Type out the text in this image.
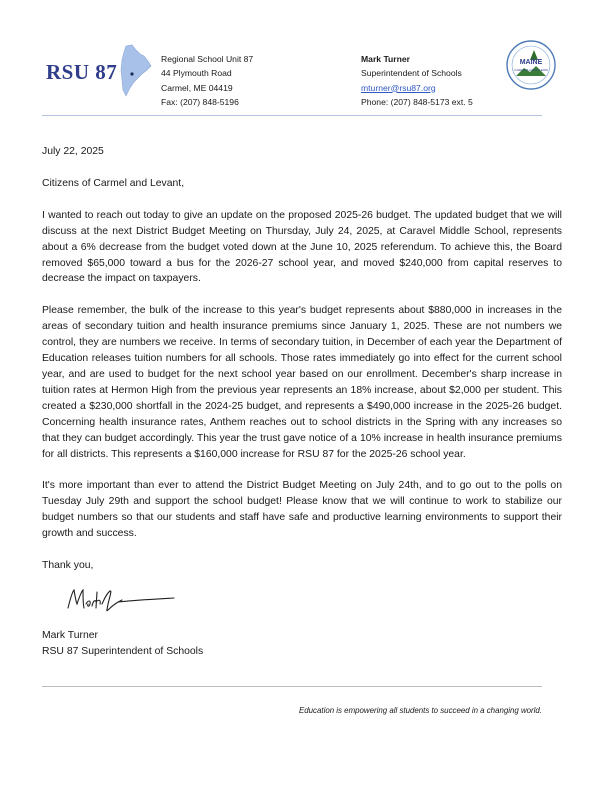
RSU 87
Regional School Unit 87
44 Plymouth Road
Carmel, ME 04419
Fax: (207) 848-5196
Mark Turner
Superintendent of Schools
mturner@rsu87.org
Phone: (207) 848-5173 ext. 5
MAINE
A GREAT PLACE TO LEARN

July 22, 2025

Citizens of Carmel and Levant,

I wanted to reach out today to give an update on the proposed 2025-26 budget. The updated budget that we will discuss at the next District Budget Meeting on Thursday, July 24, 2025, at Caravel Middle School, represents about a 6% decrease from the budget voted down at the June 10, 2025 referendum. To achieve this, the Board removed $65,000 toward a bus for the 2026-27 school year, and moved $240,000 from capital reserves to decrease the impact on taxpayers.

Please remember, the bulk of the increase to this year's budget represents about $880,000 in increases in the areas of secondary tuition and health insurance premiums since January 1, 2025. These are not numbers we control, they are numbers we receive. In terms of secondary tuition, in December of each year the Department of Education releases tuition numbers for all schools. Those rates immediately go into effect for the current school year, and are used to budget for the next school year based on our enrollment. December's sharp increase in tuition rates at Hermon High from the previous year represents an 18% increase, about $2,000 per student. This created a $230,000 shortfall in the 2024-25 budget, and represents a $490,000 increase in the 2025-26 budget. Concerning health insurance rates, Anthem reaches out to school districts in the Spring with any increases so that they can budget accordingly. This year the trust gave notice of a 10% increase in health insurance premiums for all districts. This represents a $160,000 increase for RSU 87 for the 2025-26 school year.

It's more important than ever to attend the District Budget Meeting on July 24th, and to go out to the polls on Tuesday July 29th and support the school budget! Please know that we will continue to work to stabilize our budget numbers so that our students and staff have safe and productive learning environments to support their growth and success.

Thank you,

Mark Turner
RSU 87 Superintendent of Schools
Education is empowering all students to succeed in a changing world.
